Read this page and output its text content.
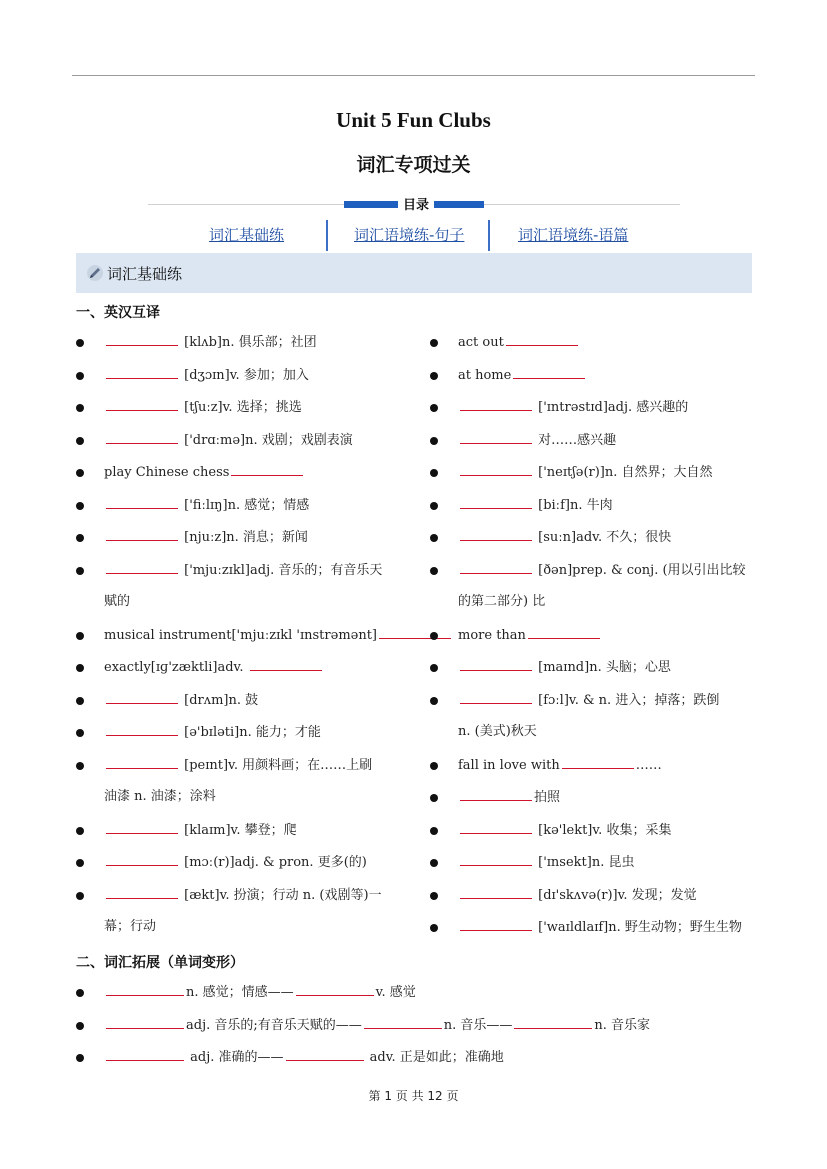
Unit 5 Fun Clubs
词汇专项过关
目录
词汇基础练	词汇语境练-句子	词汇语境练-语篇
词汇基础练
一、英汉互译
[klʌb]n. 俱乐部；社团
[dʒɔɪn]v. 参加；加入
[tʃuːz]v. 选择；挑选
['drɑːmə]n. 戏剧；戏剧表演
play Chinese chess
['fiːlɪŋ]n. 感觉；情感
[njuːz]n. 消息；新闻
['mjuːzɪkl]adj. 音乐的；有音乐天
赋的
musical instrument['mjuːzɪkl 'ɪnstrəmənt]
exactly[ɪɡ'zæktli]adv.
[drʌm]n. 鼓
[ə'bɪləti]n. 能力；才能
[peɪnt]v. 用颜料画；在……上刷
油漆 n. 油漆；涂料
[klaɪm]v. 攀登；爬
[mɔː(r)]adj. & pron. 更多(的)
[ækt]v. 扮演；行动 n. (戏剧等)一
幕；行动
act out
at home
['ɪntrəstɪd]adj. 感兴趣的
对……感兴趣
['neɪtʃə(r)]n. 自然界；大自然
[biːf]n. 牛肉
[suːn]adv. 不久；很快
[ðən]prep. & conj. (用以引出比较
的第二部分) 比
more than
[maɪnd]n. 头脑；心思
[fɔːl]v. & n. 进入；掉落；跌倒
n. (美式)秋天
fall in love with	……
拍照
[kə'lekt]v. 收集；采集
['ɪnsekt]n. 昆虫
[dɪ'skʌvə(r)]v. 发现；发觉
['waɪldlaɪf]n. 野生动物；野生生物
二、词汇拓展（单词变形）
n. 感觉；情感——	v. 感觉
adj. 音乐的;有音乐天赋的——	n. 音乐——	n. 音乐家
adj. 准确的——	adv. 正是如此；准确地
第 1 页 共 12 页
